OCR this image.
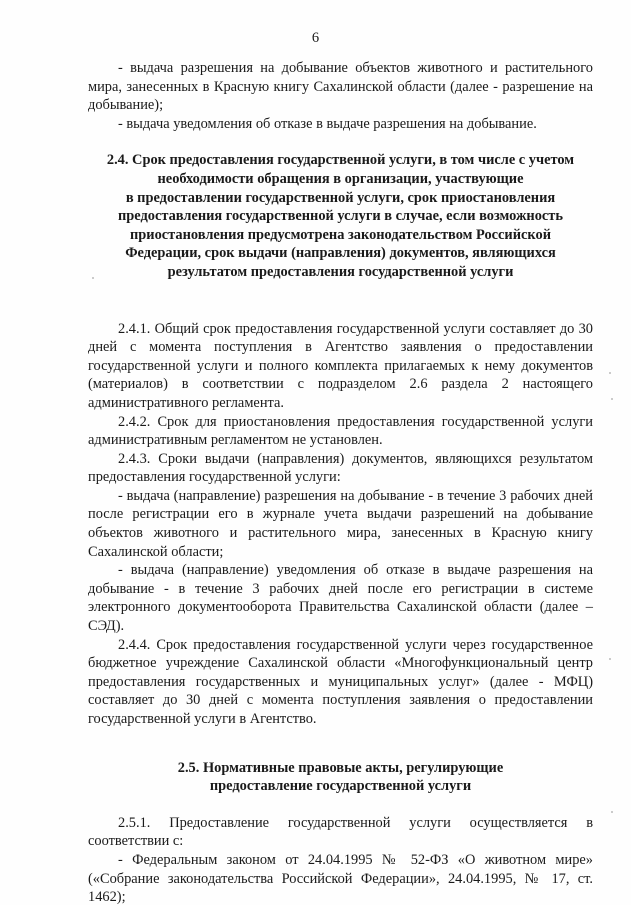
6

- выдача разрешения на добывание объектов животного и растительного мира, занесенных в Красную книгу Сахалинской области (далее - разрешение на добывание);

- выдача уведомления об отказе в выдаче разрешения на добывание.

2.4. Срок предоставления государственной услуги, в том числе с учетом
необходимости обращения в организации, участвующие
в предоставлении государственной услуги, срок приостановления
предоставления государственной услуги в случае, если возможность
приостановления предусмотрена законодательством Российской
Федерации, срок выдачи (направления) документов, являющихся
результатом предоставления государственной услуги

2.4.1. Общий срок предоставления государственной услуги составляет до 30 дней с момента поступления в Агентство заявления о предоставлении государственной услуги и полного комплекта прилагаемых к нему документов (материалов) в соответствии с подразделом 2.6 раздела 2 настоящего административного регламента.

2.4.2. Срок для приостановления предоставления государственной услуги административным регламентом не установлен.

2.4.3. Сроки выдачи (направления) документов, являющихся результатом предоставления государственной услуги:

- выдача (направление) разрешения на добывание - в течение 3 рабочих дней после регистрации его в журнале учета выдачи разрешений на добывание объектов животного и растительного мира, занесенных в Красную книгу Сахалинской области;

- выдача (направление) уведомления об отказе в выдаче разрешения на добывание - в течение 3 рабочих дней после его регистрации в системе электронного документооборота Правительства Сахалинской области (далее – СЭД).

2.4.4. Срок предоставления государственной услуги через государственное бюджетное учреждение Сахалинской области «Многофункциональный центр предоставления государственных и муниципальных услуг» (далее - МФЦ) составляет до 30 дней с момента поступления заявления о предоставлении государственной услуги в Агентство.

2.5. Нормативные правовые акты, регулирующие
предоставление государственной услуги

2.5.1. Предоставление государственной услуги осуществляется в соответствии с:

- Федеральным законом от 24.04.1995 № 52-ФЗ «О животном мире» («Собрание законодательства Российской Федерации», 24.04.1995, № 17, ст. 1462);
